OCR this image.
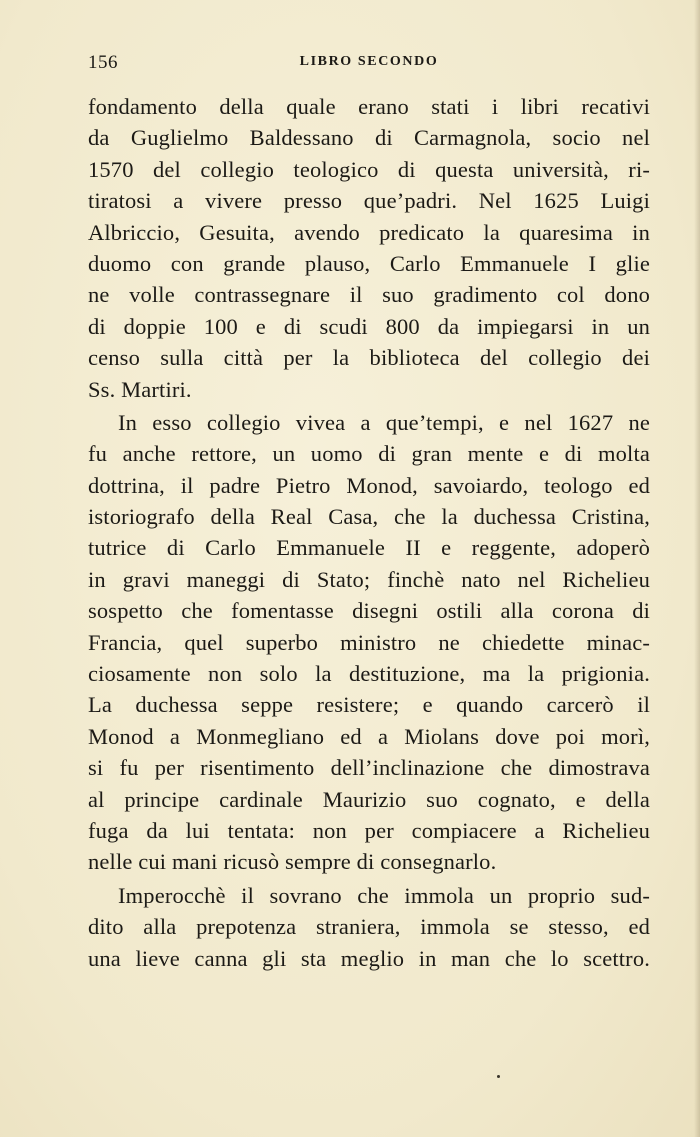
156	LIBRO SECONDO
fondamento della quale erano stati i libri recativi
da Guglielmo Baldessano di Carmagnola, socio nel
1570 del collegio teologico di questa università, ri-
tiratosi a vivere presso que’padri. Nel 1625 Luigi
Albriccio, Gesuita, avendo predicato la quaresima in
duomo con grande plauso, Carlo Emmanuele I glie
ne volle contrassegnare il suo gradimento col dono
di doppie 100 e di scudi 800 da impiegarsi in un
censo sulla città per la biblioteca del collegio dei
Ss. Martiri.
In esso collegio vivea a que’tempi, e nel 1627 ne
fu anche rettore, un uomo di gran mente e di molta
dottrina, il padre Pietro Monod, savoiardo, teologo ed
istoriografo della Real Casa, che la duchessa Cristina,
tutrice di Carlo Emmanuele II e reggente, adoperò
in gravi maneggi di Stato; finchè nato nel Richelieu
sospetto che fomentasse disegni ostili alla corona di
Francia, quel superbo ministro ne chiedette minac-
ciosamente non solo la destituzione, ma la prigionia.
La duchessa seppe resistere; e quando carcerò il
Monod a Monmegliano ed a Miolans dove poi morì,
si fu per risentimento dell’inclinazione che dimostrava
al principe cardinale Maurizio suo cognato, e della
fuga da lui tentata: non per compiacere a Richelieu
nelle cui mani ricusò sempre di consegnarlo.
Imperocchè il sovrano che immola un proprio sud-
dito alla prepotenza straniera, immola se stesso, ed
una lieve canna gli sta meglio in man che lo scettro.
